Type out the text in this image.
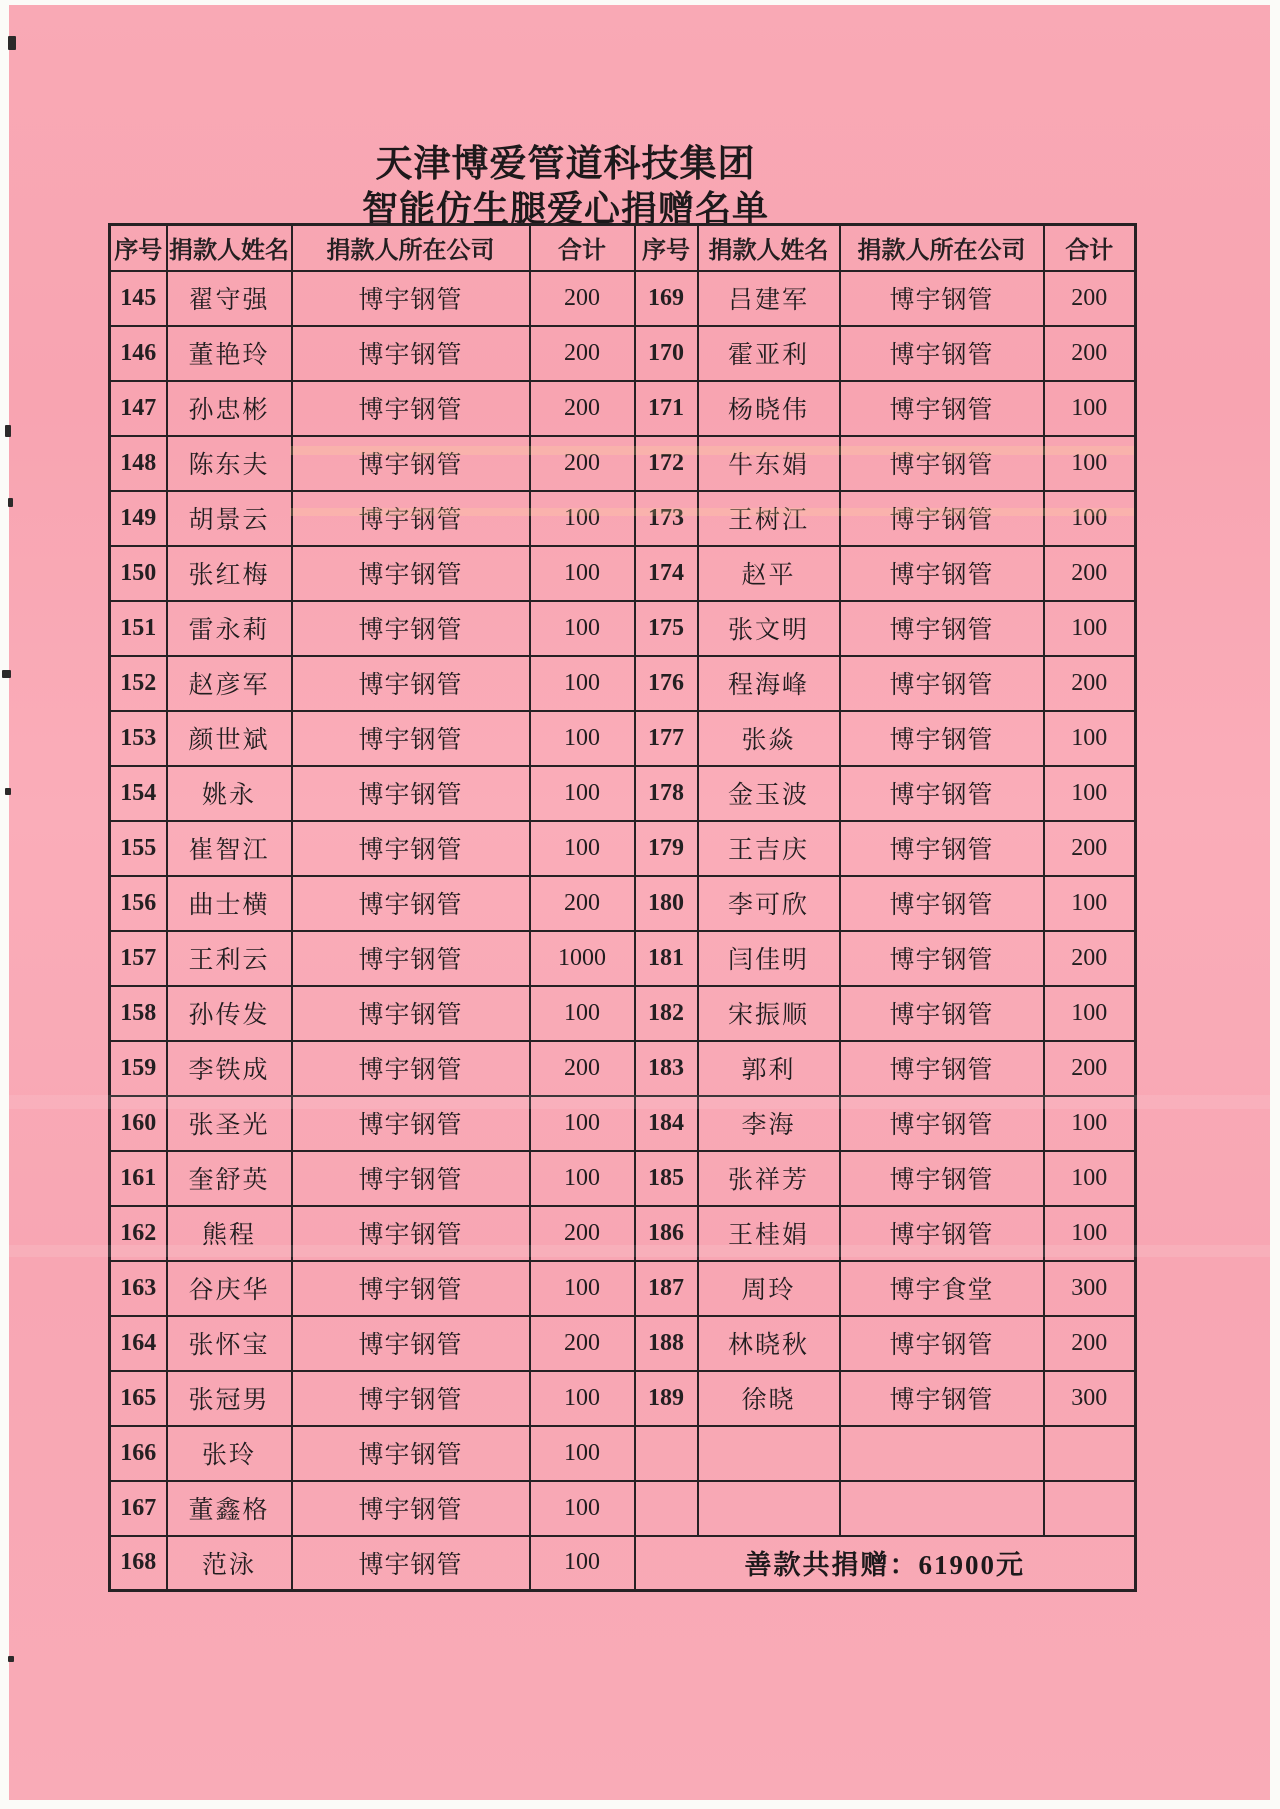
天津博爱管道科技集团
智能仿生腿爱心捐赠名单
序号	捐款人姓名	捐款人所在公司	合计	序号	捐款人姓名	捐款人所在公司	合计
145	翟守强	博宇钢管	200	169	吕建军	博宇钢管	200
146	董艳玲	博宇钢管	200	170	霍亚利	博宇钢管	200
147	孙忠彬	博宇钢管	200	171	杨晓伟	博宇钢管	100
148	陈东夫	博宇钢管	200	172	牛东娟	博宇钢管	100
149	胡景云	博宇钢管	100	173	王树江	博宇钢管	100
150	张红梅	博宇钢管	100	174	赵平	博宇钢管	200
151	雷永莉	博宇钢管	100	175	张文明	博宇钢管	100
152	赵彦军	博宇钢管	100	176	程海峰	博宇钢管	200
153	颜世斌	博宇钢管	100	177	张焱	博宇钢管	100
154	姚永	博宇钢管	100	178	金玉波	博宇钢管	100
155	崔智江	博宇钢管	100	179	王吉庆	博宇钢管	200
156	曲士横	博宇钢管	200	180	李可欣	博宇钢管	100
157	王利云	博宇钢管	1000	181	闫佳明	博宇钢管	200
158	孙传发	博宇钢管	100	182	宋振顺	博宇钢管	100
159	李铁成	博宇钢管	200	183	郭利	博宇钢管	200
160	张圣光	博宇钢管	100	184	李海	博宇钢管	100
161	奎舒英	博宇钢管	100	185	张祥芳	博宇钢管	100
162	熊程	博宇钢管	200	186	王桂娟	博宇钢管	100
163	谷庆华	博宇钢管	100	187	周玲	博宇食堂	300
164	张怀宝	博宇钢管	200	188	林晓秋	博宇钢管	200
165	张冠男	博宇钢管	100	189	徐晓	博宇钢管	300
166	张玲	博宇钢管	100				
167	董鑫格	博宇钢管	100				
168	范泳	博宇钢管	100	善款共捐赠：61900元			
